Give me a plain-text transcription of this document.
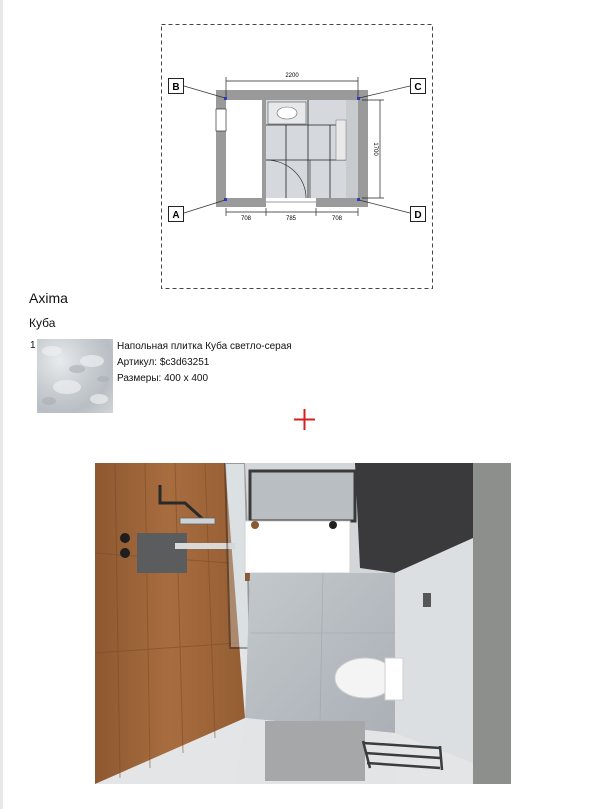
B	C
A	D
2200
1700
708	785	708
Axima
Куба
1	Напольная плитка Куба светло-серая
Артикул: $c3d63251
Размеры: 400 x 400
